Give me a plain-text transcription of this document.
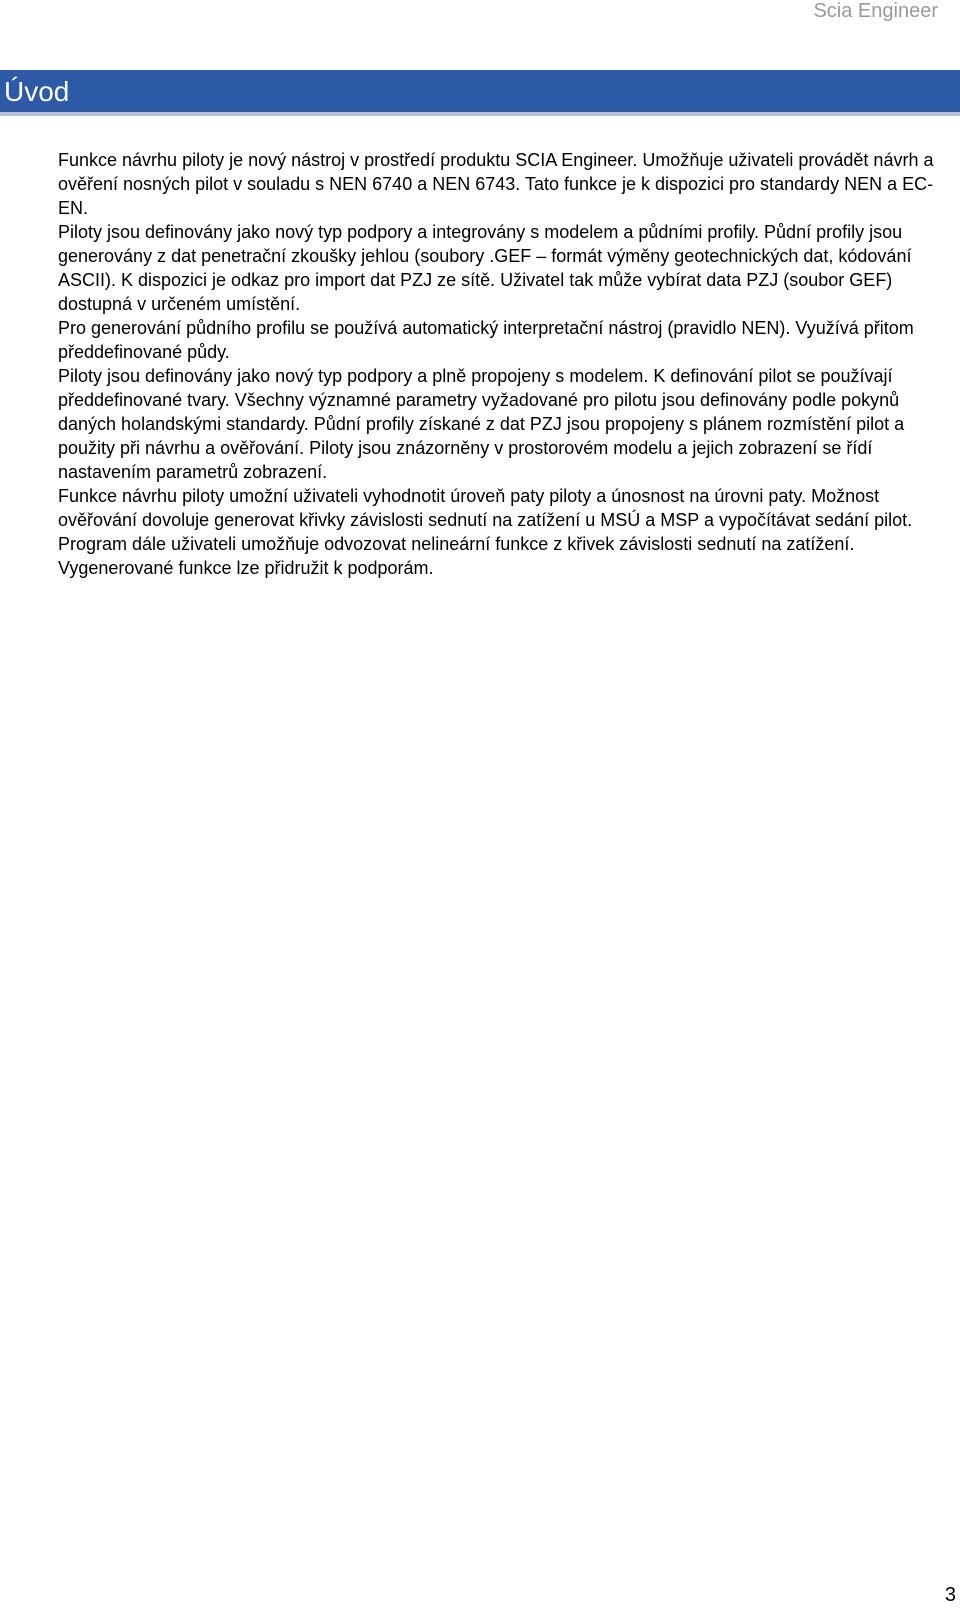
Scia Engineer
Úvod

Funkce návrhu piloty je nový nástroj v prostředí produktu SCIA Engineer. Umožňuje uživateli provádět návrh a ověření nosných pilot v souladu s NEN 6740 a NEN 6743. Tato funkce je k dispozici pro standardy NEN a EC-EN.

Piloty jsou definovány jako nový typ podpory a integrovány s modelem a půdními profily. Půdní profily jsou generovány z dat penetrační zkoušky jehlou (soubory .GEF – formát výměny geotechnických dat, kódování ASCII). K dispozici je odkaz pro import dat PZJ ze sítě. Uživatel tak může vybírat data PZJ (soubor GEF) dostupná v určeném umístění.

Pro generování půdního profilu se používá automatický interpretační nástroj (pravidlo NEN). Využívá přitom předdefinované půdy.

Piloty jsou definovány jako nový typ podpory a plně propojeny s modelem. K definování pilot se používají předdefinované tvary. Všechny významné parametry vyžadované pro pilotu jsou definovány podle pokynů daných holandskými standardy. Půdní profily získané z dat PZJ jsou propojeny s plánem rozmístění pilot a použity při návrhu a ověřování. Piloty jsou znázorněny v prostorovém modelu a jejich zobrazení se řídí nastavením parametrů zobrazení.

Funkce návrhu piloty umožní uživateli vyhodnotit úroveň paty piloty a únosnost na úrovni paty. Možnost ověřování dovoluje generovat křivky závislosti sednutí na zatížení u MSÚ a MSP a vypočítávat sedání pilot.

Program dále uživateli umožňuje odvozovat nelineární funkce z křivek závislosti sednutí na zatížení. Vygenerované funkce lze přidružit k podporám.

3
